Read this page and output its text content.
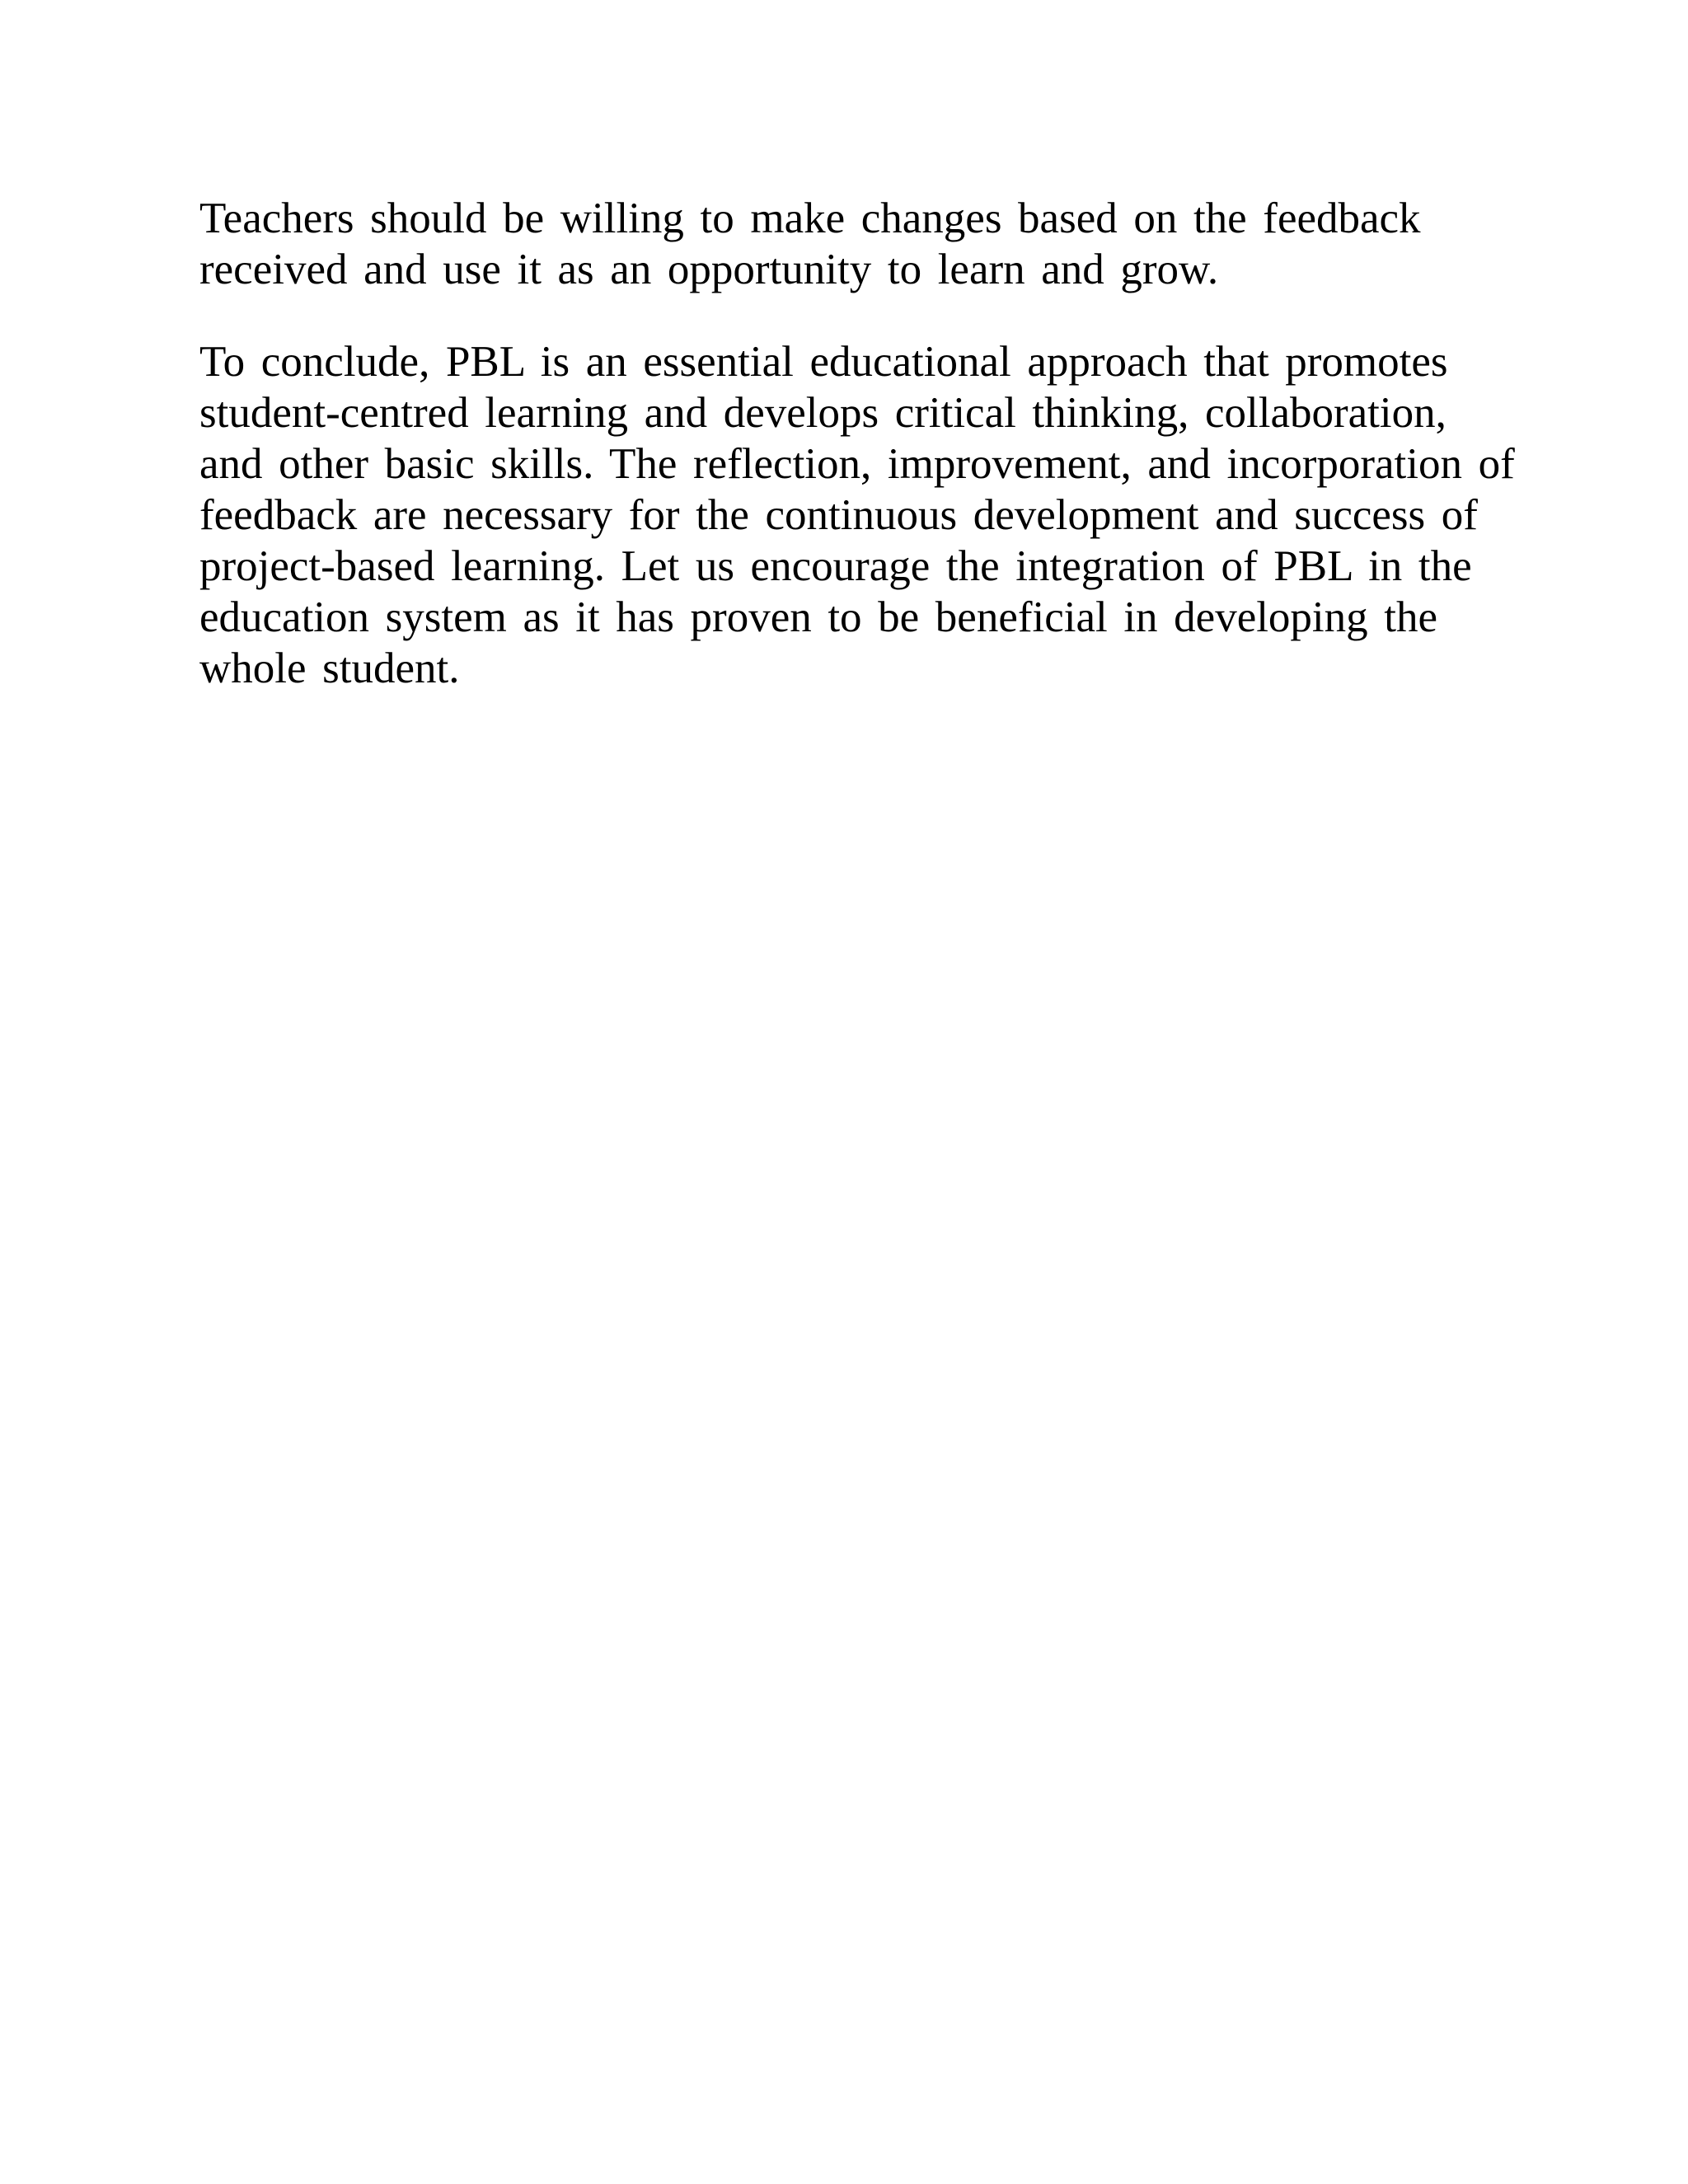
Teachers should be willing to make changes based on the feedback
received and use it as an opportunity to learn and grow.

To conclude, PBL is an essential educational approach that promotes
student-centred learning and develops critical thinking, collaboration,
and other basic skills. The reflection, improvement, and incorporation of
feedback are necessary for the continuous development and success of
project-based learning. Let us encourage the integration of PBL in the
education system as it has proven to be beneficial in developing the
whole student.
